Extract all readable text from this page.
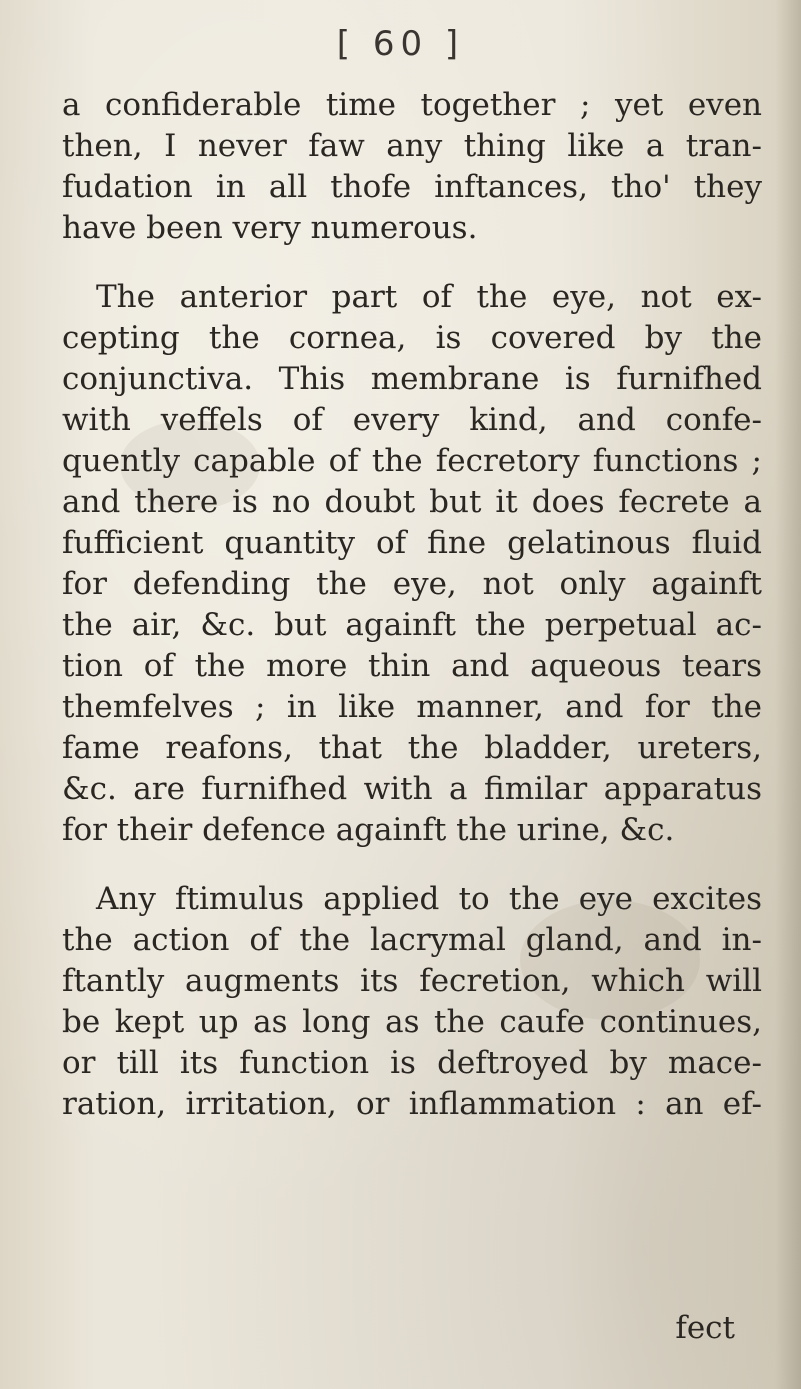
[ 60 ]
a confiderable time together ; yet even
then, I never faw any thing like a tran-
fudation in all thofe inftances, tho' they
have been very numerous.
The anterior part of the eye, not ex-
cepting the cornea, is covered by the
conjunctiva. This membrane is furnifhed
with veffels of every kind, and confe-
quently capable of the fecretory functions ;
and there is no doubt but it does fecrete a
fufficient quantity of fine gelatinous fluid
for defending the eye, not only againft
the air, &c. but againft the perpetual ac-
tion of the more thin and aqueous tears
themfelves ; in like manner, and for the
fame reafons, that the bladder, ureters,
&c. are furnifhed with a fimilar apparatus
for their defence againft the urine, &c.
Any ftimulus applied to the eye excites
the action of the lacrymal gland, and in-
ftantly augments its fecretion, which will
be kept up as long as the caufe continues,
or till its function is deftroyed by mace-
ration, irritation, or inflammation : an ef-
fect
